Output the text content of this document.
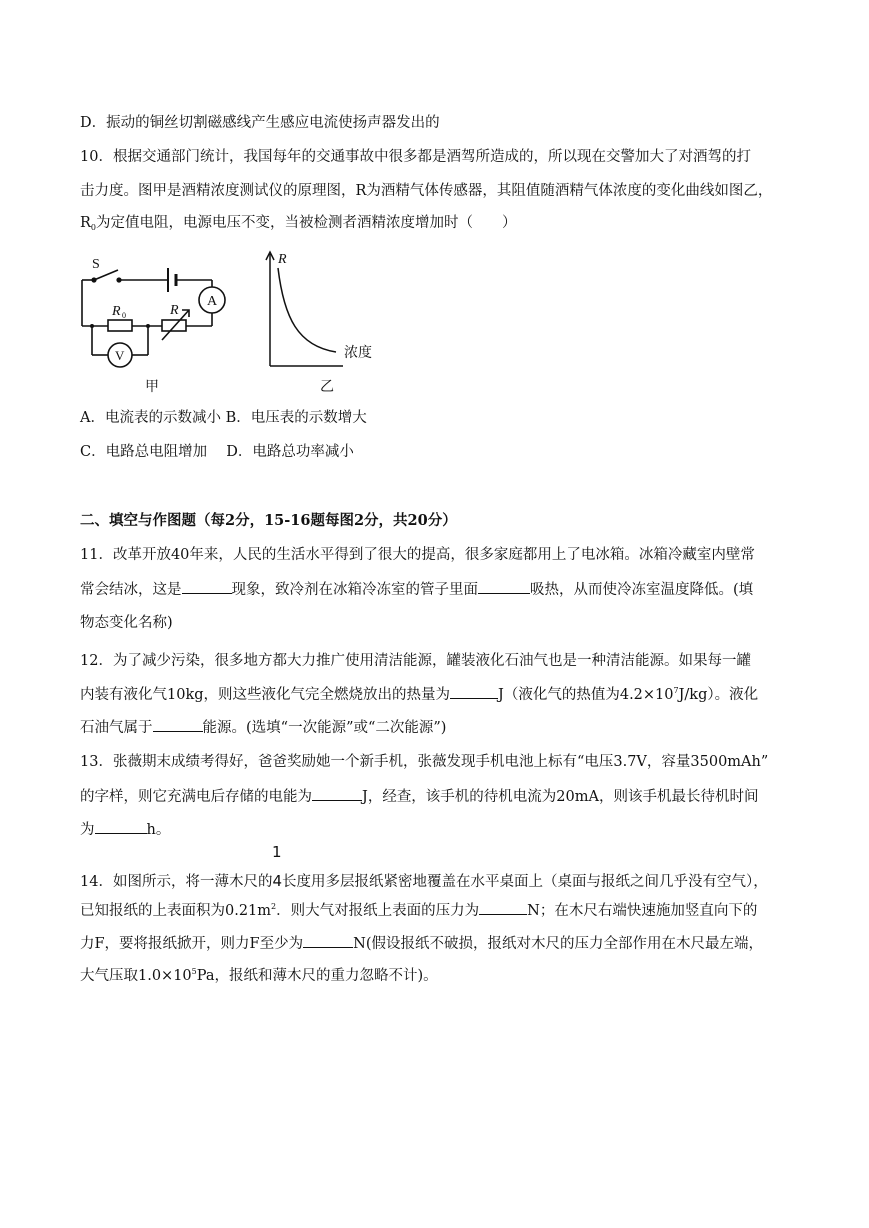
D．振动的铜丝切割磁感线产生感应电流使扬声器发出的
10．根据交通部门统计，我国每年的交通事故中很多都是酒驾所造成的，所以现在交警加大了对酒驾的打
击力度。图甲是酒精浓度测试仪的原理图，R为酒精气体传感器，其阻值随酒精气体浓度的变化曲线如图乙，
$R_0$为定值电阻，电源电压不变，当被检测者酒精浓度增加时（　　）
S
A
V
R 0	R
甲
R
浓度
乙
A．电流表的示数减小 B．电压表的示数增大
C．电路总电阻增加　 D．电路总功率减小
二、填空与作图题（每2分，15-16题每图2分，共20分）
11．改革开放40年来，人民的生活水平得到了很大的提高，很多家庭都用上了电冰箱。冰箱冷藏室内壁常
常会结冰，这是	现象，致冷剂在冰箱冷冻室的管子里面	吸热，从而使冷冻室温度降低。(填
物态变化名称)
12．为了减少污染，很多地方都大力推广使用清洁能源，罐装液化石油气也是一种清洁能源。如果每一罐
内装有液化气10kg，则这些液化气完全燃烧放出的热量为	J（液化气的热值为$4.2\times 10^7J/kg$）。液化
石油气属于	能源。(选填“一次能源”或“二次能源”)
13．张薇期末成绩考得好，爸爸奖励她一个新手机，张薇发现手机电池上标有“电压3.7V，容量3500mAh”
的字样，则它充满电后存储的电能为	J，经查，该手机的待机电流为20mA，则该手机最长待机时间
为	h。
1
14．如图所示，将一薄木尺的4长度用多层报纸紧密地覆盖在水平桌面上（桌面与报纸之间几乎没有空气），
已知报纸的上表面积为$0.21m^2$．则大气对报纸上表面的压力为	N；在木尺右端快速施加竖直向下的
力F，要将报纸掀开，则力F至少为	N(假设报纸不破损，报纸对木尺的压力全部作用在木尺最左端，
大气压取$1.0\times 10^5Pa$，报纸和薄木尺的重力忽略不计)。
